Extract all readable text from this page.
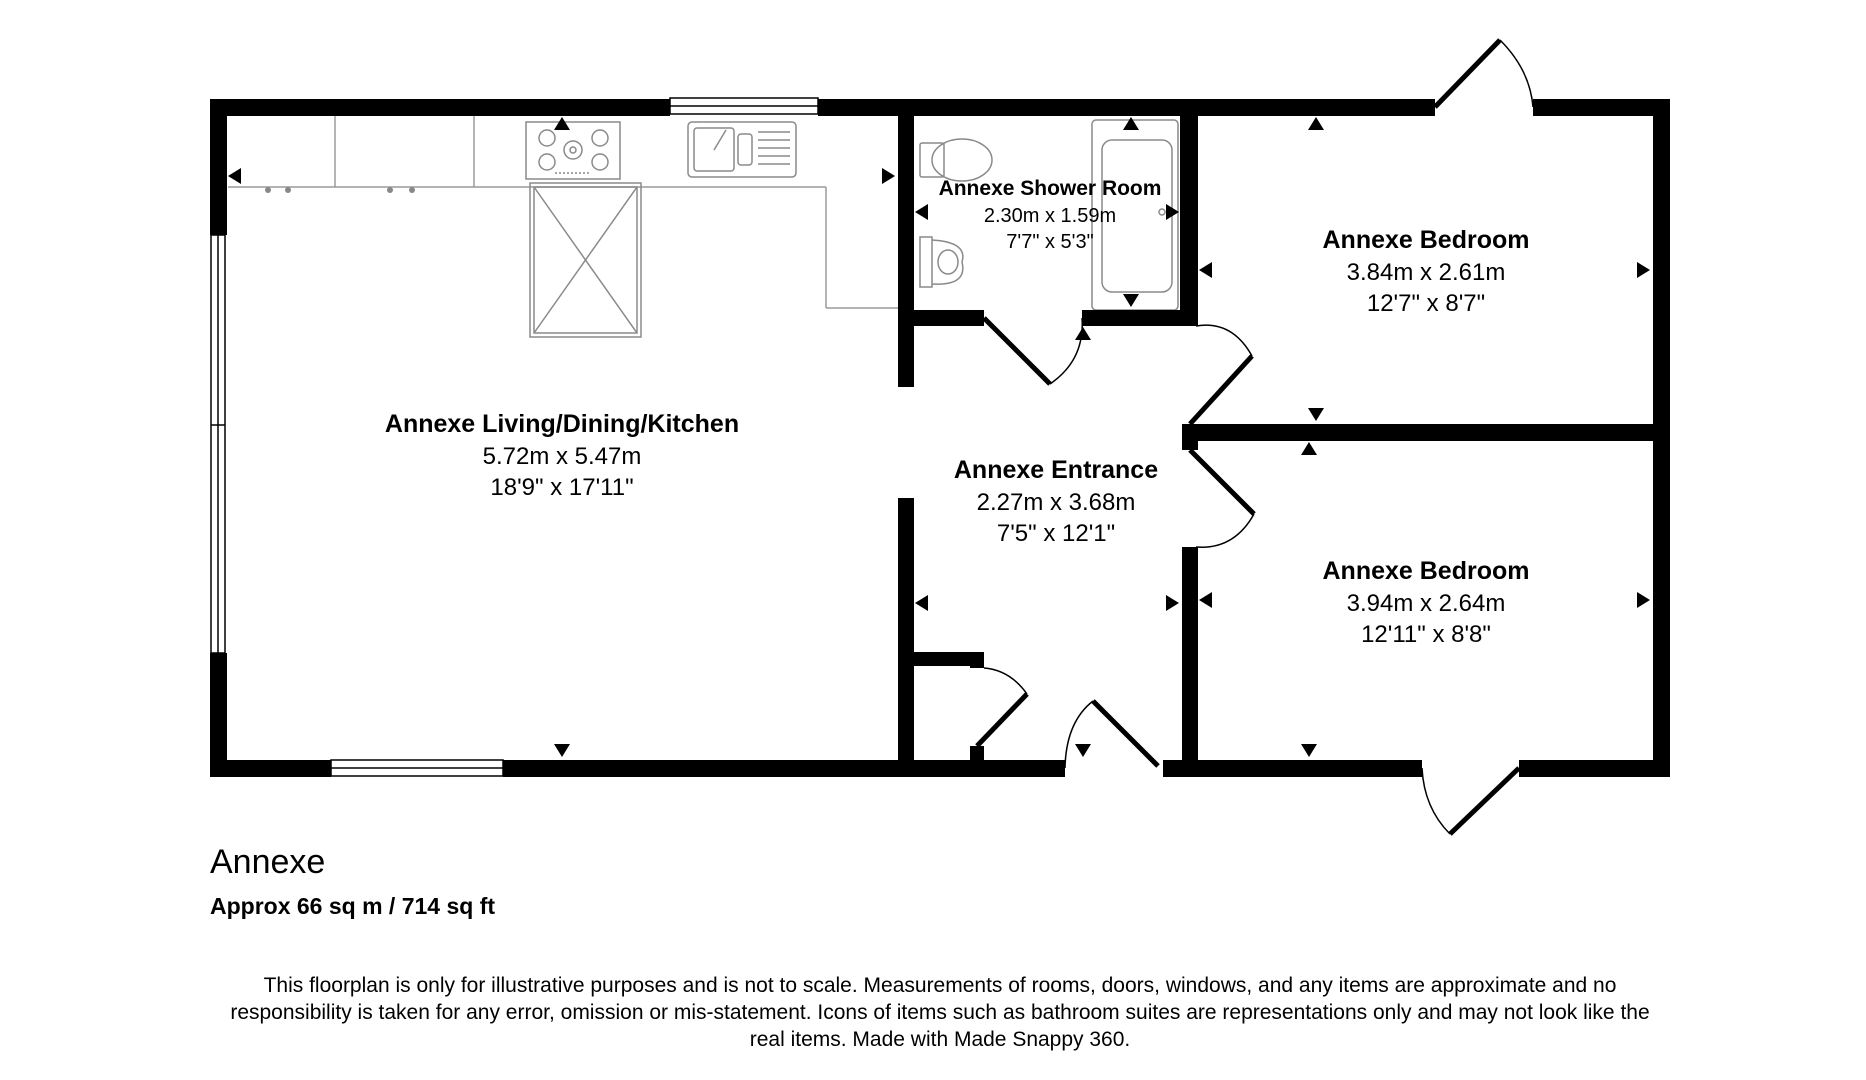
Annexe Living/Dining/Kitchen
5.72m x 5.47m
18'9" x 17'11"
Annexe Shower Room
2.30m x 1.59m
7'7" x 5'3"	Annexe Bedroom
3.84m x 2.61m
12'7" x 8'7"
Annexe Entrance
2.27m x 3.68m
7'5" x 12'1"
Annexe Bedroom
3.94m x 2.64m
12'11" x 8'8"
Annexe
Approx 66 sq m / 714 sq ft
This floorplan is only for illustrative purposes and is not to scale. Measurements of rooms, doors, windows, and any items are approximate and no responsibility is taken for any error, omission or mis-statement. Icons of items such as bathroom suites are representations only and may not look like the real items. Made with Made Snappy 360.
